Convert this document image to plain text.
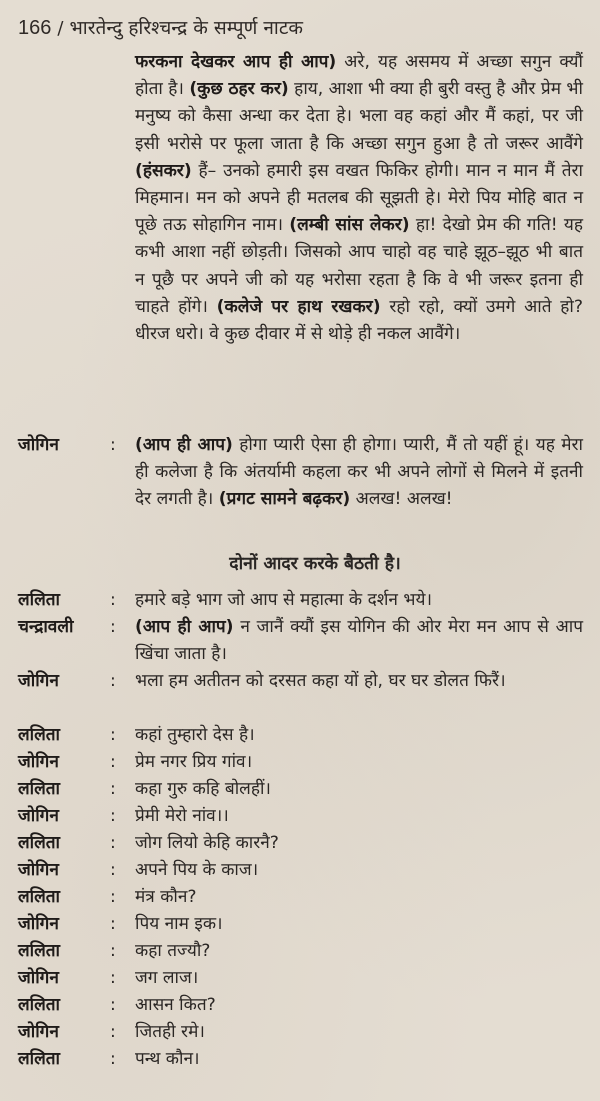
166 / भारतेन्दु हरिश्चन्द्र के सम्पूर्ण नाटक
फरकना देखकर आप ही आप) अरे, यह असमय में अच्छा सगुन क्यौं होता है। (कुछ ठहर कर) हाय, आशा भी क्या ही बुरी वस्तु है और प्रेम भी मनुष्य को कैसा अन्धा कर देता हे। भला वह कहां और मैं कहां, पर जी इसी भरोसे पर फूला जाता है कि अच्छा सगुन हुआ है तो जरूर आवैंगे (हंसकर) हैं– उनको हमारी इस वखत फिकिर होगी। मान न मान मैं तेरा मिहमान। मन को अपने ही मतलब की सूझती हे। मेरो पिय मोहि बात न पूछे तऊ सोहागिन नाम। (लम्बी सांस लेकर) हा! देखो प्रेम की गति! यह कभी आशा नहीं छोड़ती। जिसको आप चाहो वह चाहे झूठ–झूठ भी बात न पूछै पर अपने जी को यह भरोसा रहता है कि वे भी जरूर इतना ही चाहते होंगे। (कलेजे पर हाथ रखकर) रहो रहो, क्यों उमगे आते हो? धीरज धरो। वे कुछ दीवार में से थोड़े ही नकल आवैंगे।
जोगिन	: (आप ही आप) होगा प्यारी ऐसा ही होगा। प्यारी, मैं तो यहीं हूं। यह मेरा ही कलेजा है कि अंतर्यामी कहला कर भी अपने लोगों से मिलने में इतनी देर लगती है। (प्रगट सामने बढ़कर) अलख! अलख!
दोनों आदर करके बैठती है।
ललिता	: हमारे बड़े भाग जो आप से महात्मा के दर्शन भये।
चन्द्रावली : (आप ही आप) न जानैं क्यौं इस योगिन की ओर मेरा मन आप से आप खिंचा जाता है।
जोगिन	: भला हम अतीतन को दरसत कहा यों हो, घर घर डोलत फिरैं।
ललिता	: कहां तुम्हारो देस है।
जोगिन	: प्रेम नगर प्रिय गांव।
ललिता	: कहा गुरु कहि बोलहीं।
जोगिन	: प्रेमी मेरो नांव।।
ललिता	: जोग लियो केहि कारनै?
जोगिन	: अपने पिय के काज।
ललिता	: मंत्र कौन?
जोगिन	: पिय नाम इक।
ललिता	: कहा तज्यौ?
जोगिन	: जग लाज।
ललिता	: आसन कित?
जोगिन	: जितही रमे।
ललिता	: पन्थ कौन।
